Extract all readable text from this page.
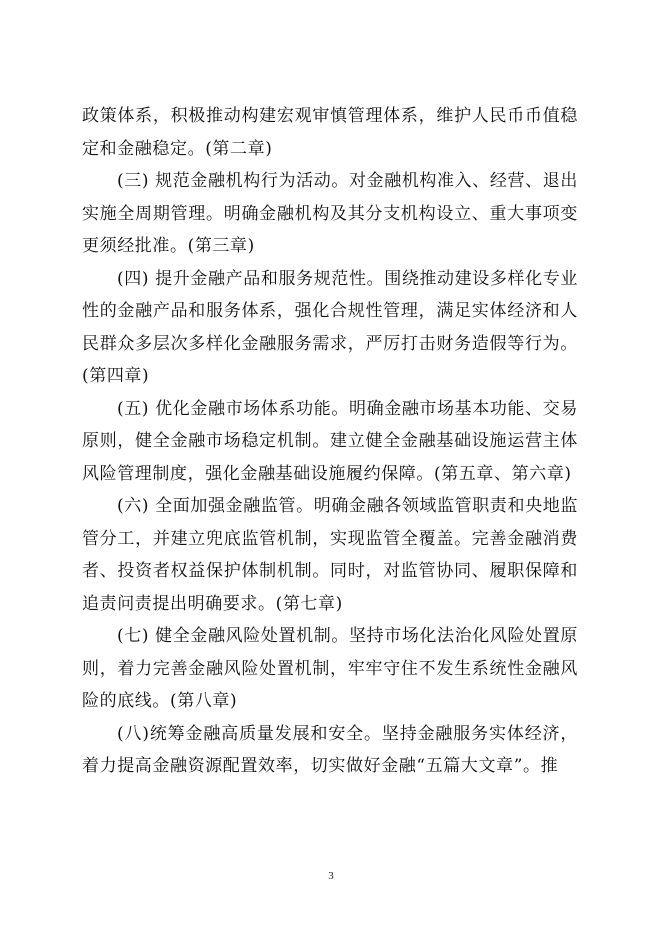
政策体系，积极推动构建宏观审慎管理体系，维护人民币币值稳定和金融稳定。(第二章)

(三) 规范金融机构行为活动。对金融机构准入、经营、退出实施全周期管理。明确金融机构及其分支机构设立、重大事项变更须经批准。(第三章)

(四) 提升金融产品和服务规范性。围绕推动建设多样化专业性的金融产品和服务体系，强化合规性管理，满足实体经济和人民群众多层次多样化金融服务需求，严厉打击财务造假等行为。(第四章)

(五) 优化金融市场体系功能。明确金融市场基本功能、交易原则，健全金融市场稳定机制。建立健全金融基础设施运营主体风险管理制度，强化金融基础设施履约保障。(第五章、第六章)

(六) 全面加强金融监管。明确金融各领域监管职责和央地监管分工，并建立兜底监管机制，实现监管全覆盖。完善金融消费者、投资者权益保护体制机制。同时，对监管协同、履职保障和追责问责提出明确要求。(第七章)

(七) 健全金融风险处置机制。坚持市场化法治化风险处置原则，着力完善金融风险处置机制，牢牢守住不发生系统性金融风险的底线。(第八章)

(八)统筹金融高质量发展和安全。坚持金融服务实体经济，着力提高金融资源配置效率，切实做好金融“五篇大文章”。推

3
